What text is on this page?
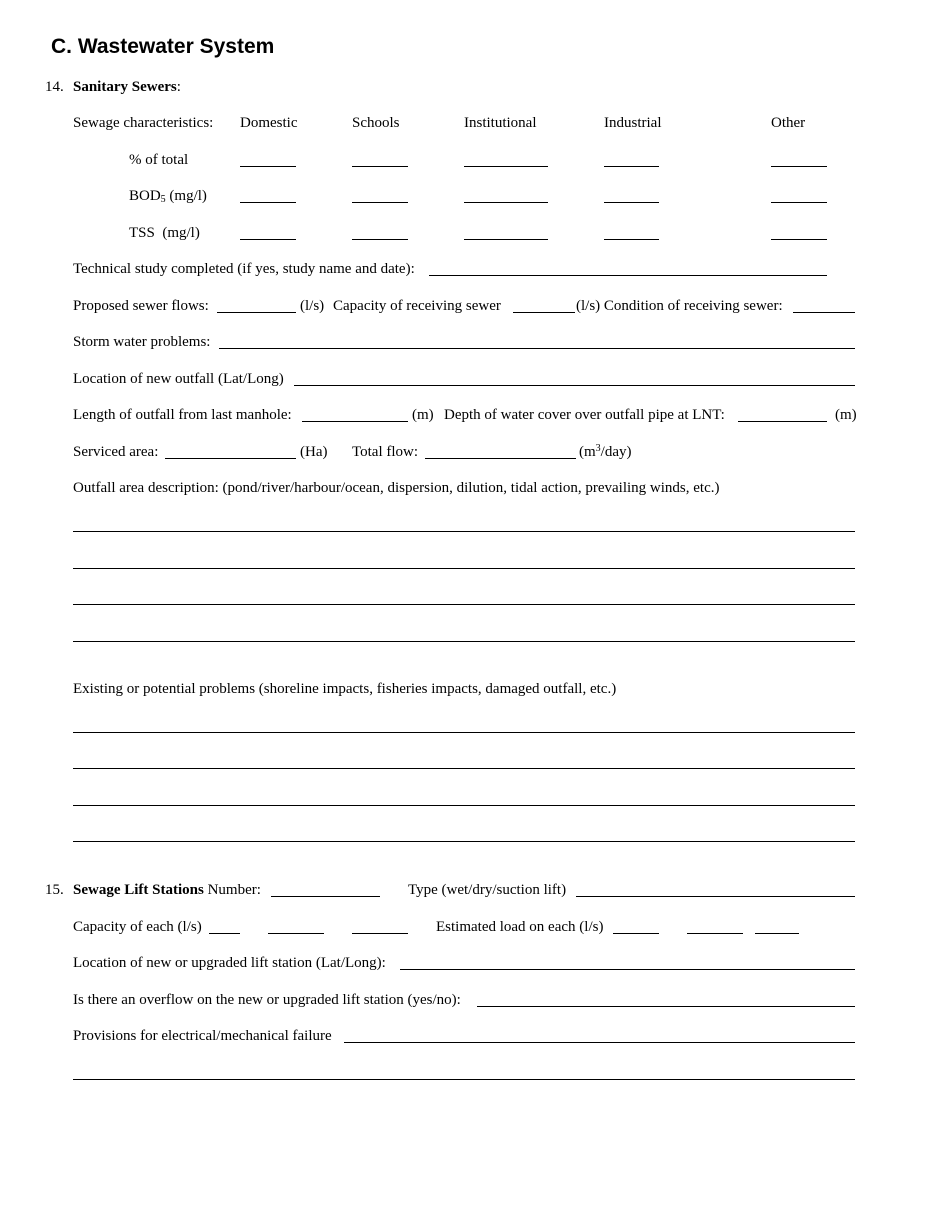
C. Wastewater System
14. Sanitary Sewers:
Sewage characteristics: Domestic	Schools	Institutional	Industrial	Other
% of total
$BOD_5$ (mg/l)
TSS  (mg/l)
Technical study completed (if yes, study name and date):
Proposed sewer flows:	(l/s) Capacity of receiving sewer	(l/s) Condition of receiving sewer:
Storm water problems:
Location of new outfall (Lat/Long)
Length of outfall from last manhole:	(m) Depth of water cover over outfall pipe at LNT:	(m)
Serviced area:	(Ha) Total flow:	$(m^3/day)$
Outfall area description: (pond/river/harbour/ocean, dispersion, dilution, tidal action, prevailing winds, etc.)
Existing or potential problems (shoreline impacts, fisheries impacts, damaged outfall, etc.)
15. Sewage Lift Stations Number:	Type (wet/dry/suction lift)
Capacity of each (l/s)	Estimated load on each (l/s)
Location of new or upgraded lift station (Lat/Long):
Is there an overflow on the new or upgraded lift station (yes/no):
Provisions for electrical/mechanical failure
